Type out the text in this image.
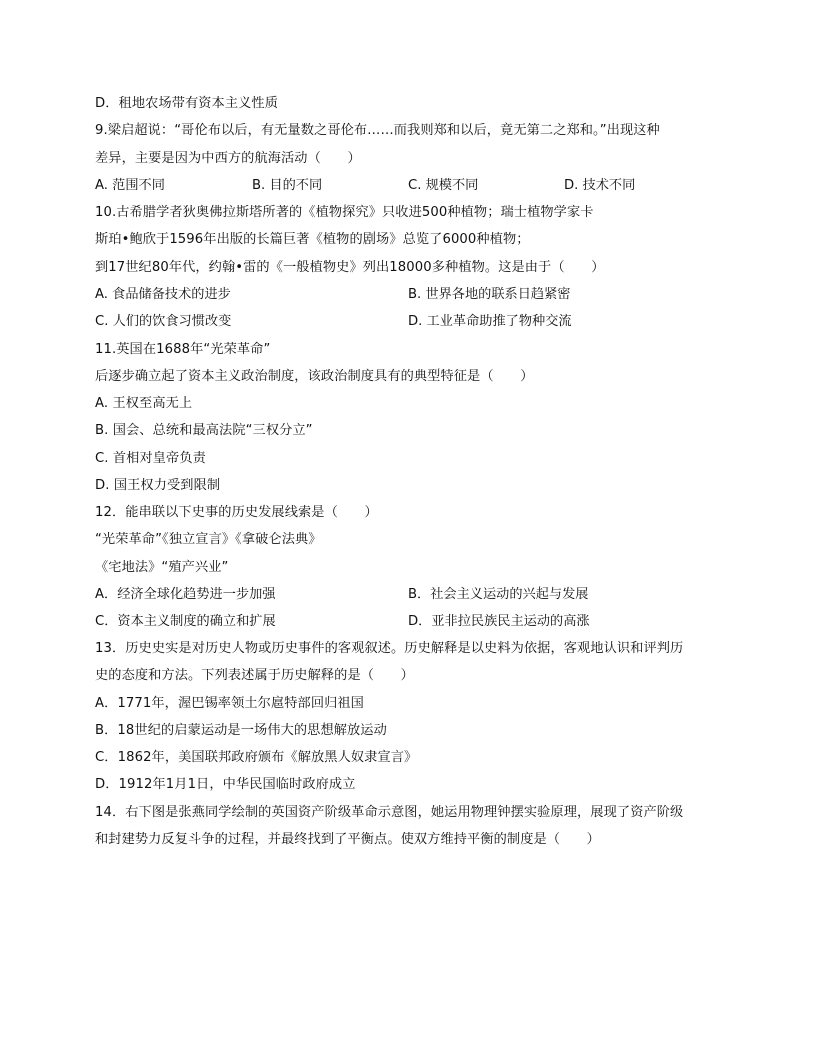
D．租地农场带有资本主义性质
9.梁启超说：“哥伦布以后，有无量数之哥伦布……而我则郑和以后，竟无第二之郑和。”出现这种
差异，主要是因为中西方的航海活动（　　）
A. 范围不同	B. 目的不同	C. 规模不同	D. 技术不同
10.古希腊学者狄奥佛拉斯塔所著的《植物探究》只收进500种植物；瑞士植物学家卡
斯珀•鲍欣于1596年出版的长篇巨著《植物的剧场》总览了6000种植物；
到17世纪80年代，约翰•雷的《一般植物史》列出18000多种植物。这是由于（　　）
A. 食品储备技术的进步	B. 世界各地的联系日趋紧密
C. 人们的饮食习惯改变	D. 工业革命助推了物种交流
11.英国在1688年“光荣革命”
后逐步确立起了资本主义政治制度，该政治制度具有的典型特征是（　　）
A. 王权至高无上
B. 国会、总统和最高法院“三权分立”
C. 首相对皇帝负责
D. 国王权力受到限制
12．能串联以下史事的历史发展线索是（　　）
“光荣革命”《独立宣言》《拿破仑法典》
《宅地法》“殖产兴业”
A．经济全球化趋势进一步加强	B．社会主义运动的兴起与发展
C．资本主义制度的确立和扩展	D．亚非拉民族民主运动的高涨
13．历史史实是对历史人物或历史事件的客观叙述。历史解释是以史料为依据，客观地认识和评判历
史的态度和方法。下列表述属于历史解释的是（　　）
A．1771年，渥巴锡率领土尔扈特部回归祖国
B．18世纪的启蒙运动是一场伟大的思想解放运动
C．1862年，美国联邦政府颁布《解放黑人奴隶宣言》
D．1912年1月1日，中华民国临时政府成立
14．右下图是张燕同学绘制的英国资产阶级革命示意图，她运用物理钟摆实验原理，展现了资产阶级
和封建势力反复斗争的过程，并最终找到了平衡点。使双方维持平衡的制度是（　　）
